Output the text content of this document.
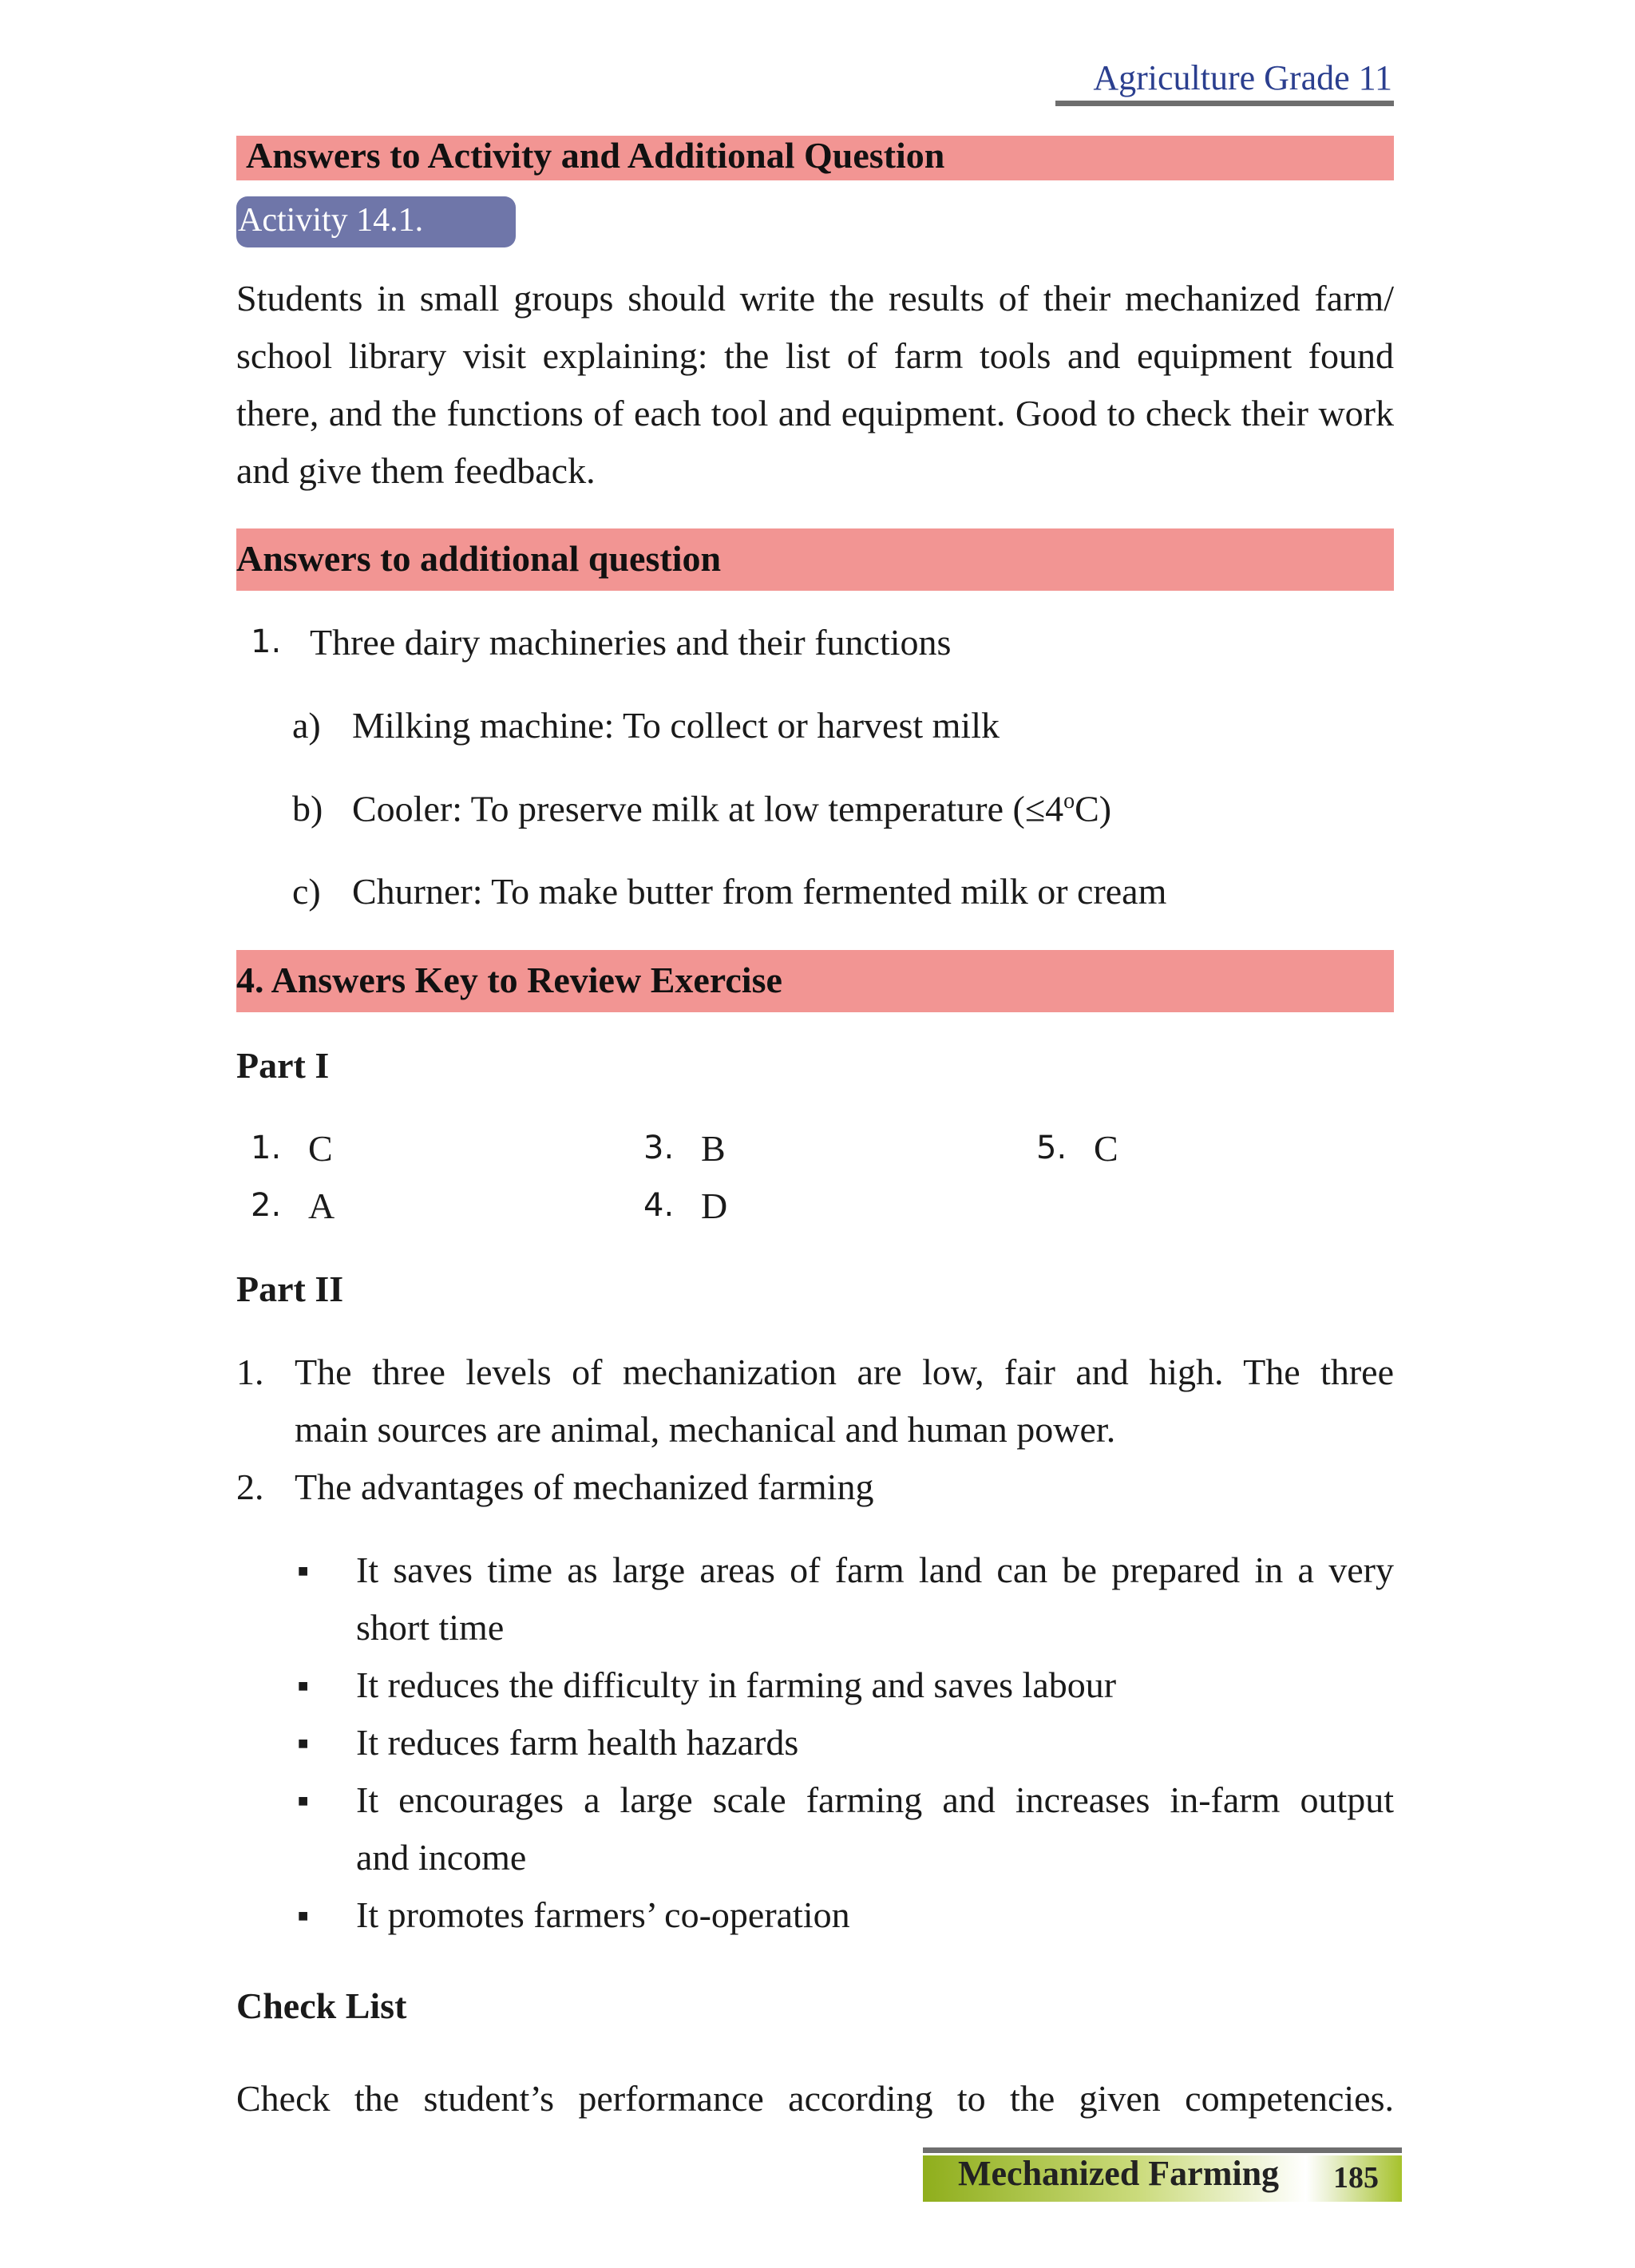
Agriculture Grade 11
Answers to Activity and Additional Question
Activity 14.1.
Students in small groups should write the results of their mechanized farm/ school library visit explaining: the list of farm tools and equipment found there, and the functions of each tool and equipment. Good to check their work and give them feedback.
Answers to additional question
1. Three dairy machineries and their functions
a) Milking machine: To collect or harvest milk
b) Cooler: To preserve milk at low temperature $(\le 4^oC)$
c) Churner: To make butter from fermented milk or cream
4. Answers Key to Review Exercise
Part I
1. C
2. A
3. B
4. D
5. C
Part II
1. The three levels of mechanization are low, fair and high. The three
main sources are animal, mechanical and human power.
2. The advantages of mechanized farming
■ It saves time as large areas of farm land can be prepared in a very
short time
■ It reduces the difficulty in farming and saves labour
■ It reduces farm health hazards
■ It encourages a large scale farming and increases in-farm output
and income
■ It promotes farmers’ co-operation
Check List
Check the student’s performance according to the given competencies.
Mechanized Farming 185
